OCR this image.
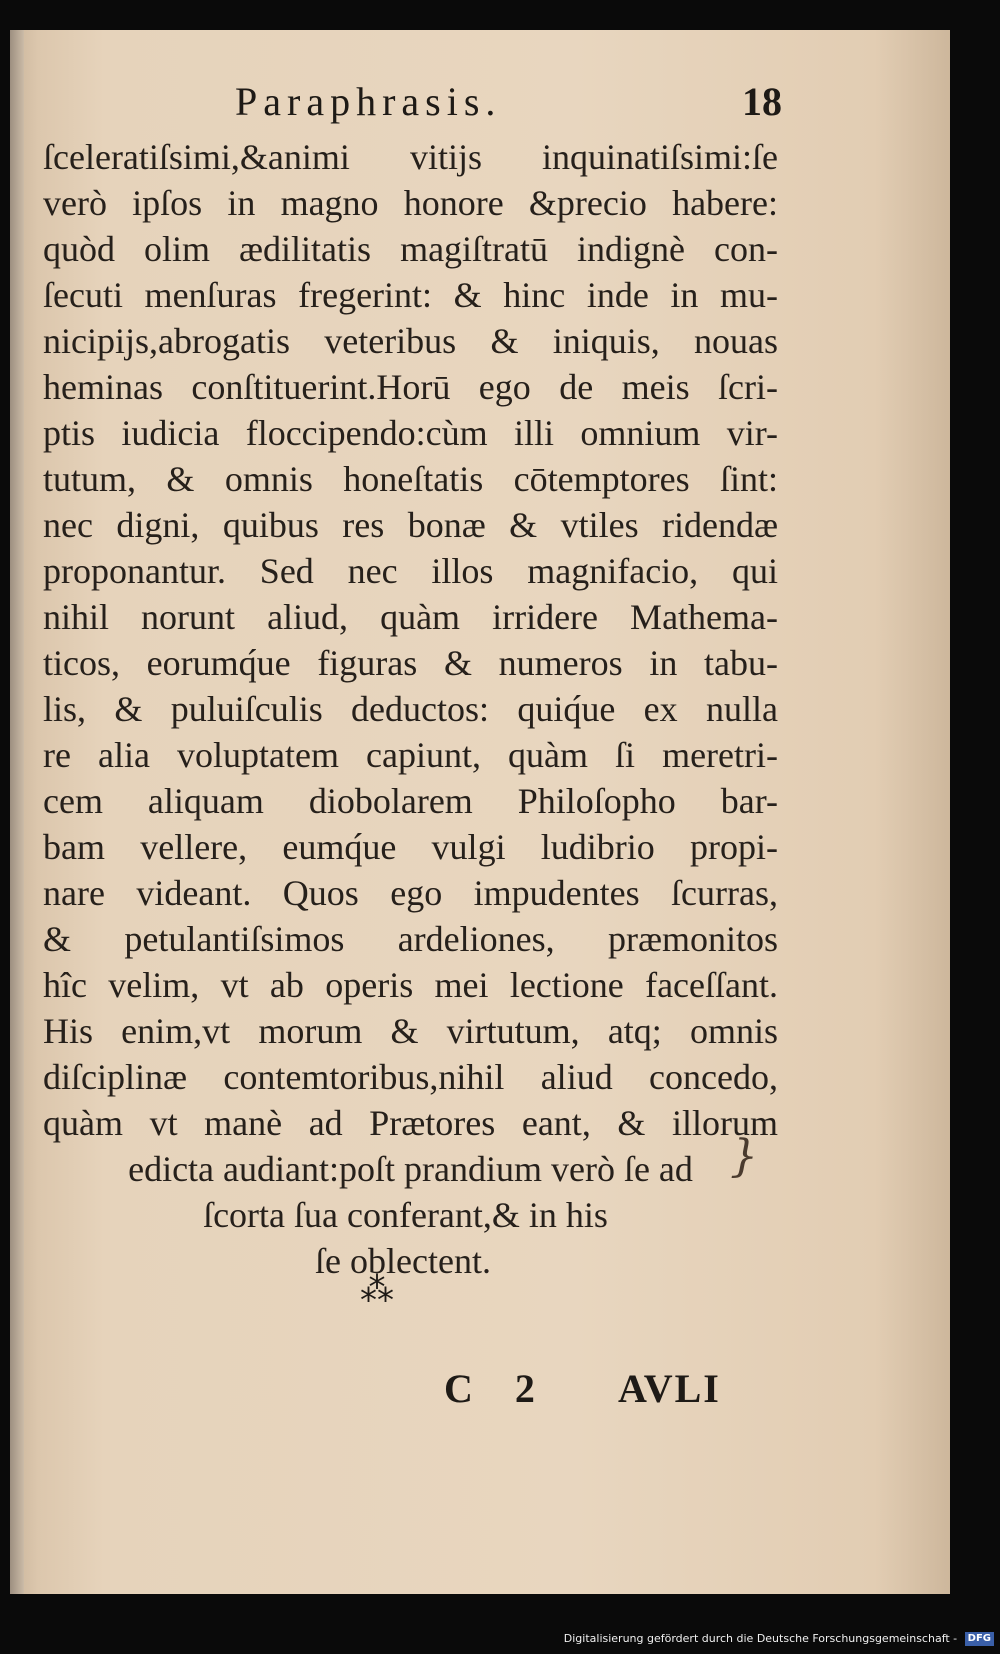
Paraphrasis.	18
ſceleratiſsimi,&animi vitijs inquinatiſsimi:ſe
verò ipſos in magno honore &precio habere:
quòd olim ædilitatis magiſtratū indignè con-
ſecuti menſuras fregerint: & hinc inde in mu-
nicipijs,abrogatis veteribus & iniquis, nouas
heminas conſtituerint.Horū ego de meis ſcri-
ptis iudicia floccipendo:cùm illi omnium vir-
tutum, & omnis honeſtatis cōtemptores ſint:
nec digni, quibus res bonæ & vtiles ridendæ
proponantur. Sed nec illos magnifacio, qui
nihil norunt aliud, quàm irridere Mathema-
ticos, eorumq́ue figuras & numeros in tabu-
lis, & puluiſculis deductos: quiq́ue ex nulla
re alia voluptatem capiunt, quàm ſi meretri-
cem aliquam diobolarem Philoſopho bar-
bam vellere, eumq́ue vulgi ludibrio propi-
nare videant. Quos ego impudentes ſcurras,
& petulantiſsimos ardeliones, præmonitos
hîc velim, vt ab operis mei lectione faceſſant.
His enim,vt morum & virtutum, atq; omnis
diſciplinæ contemtoribus,nihil aliud concedo,
quàm vt manè ad Prætores eant, & illorum
edicta audiant:poſt prandium verò ſe ad
ſcorta ſua conferant,& in his
ſe oblectent.
⁂
}
C 2 AVLI
Digitalisierung gefördert durch die Deutsche Forschungsgemeinschaft - DFG
